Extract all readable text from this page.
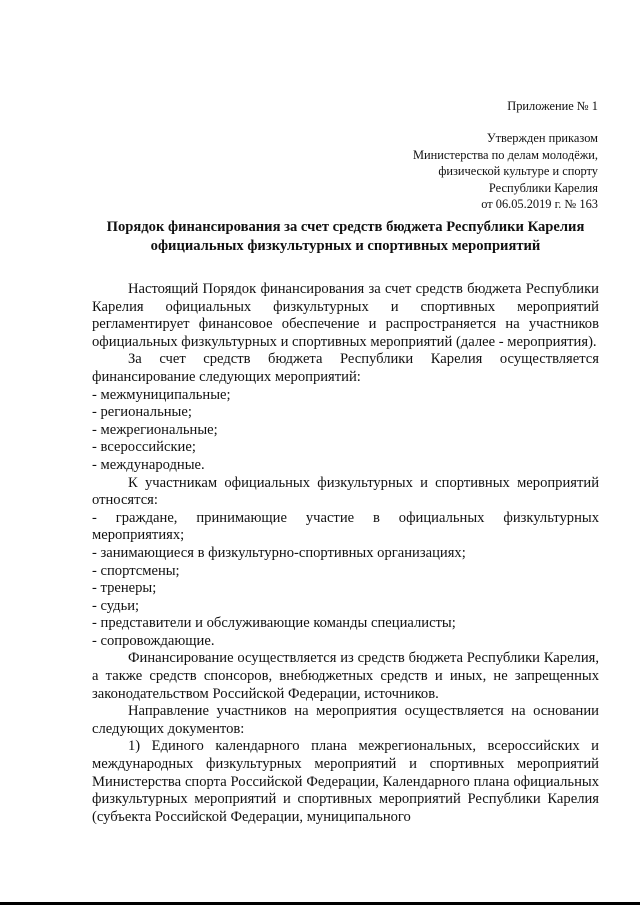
Приложение № 1
Утвержден приказом
Министерства по делам молодёжи,
физической культуре и спорту
Республики Карелия
от 06.05.2019 г. № 163
Порядок финансирования за счет средств бюджета Республики Карелия
официальных физкультурных и спортивных мероприятий

Настоящий Порядок финансирования за счет средств бюджета Республики Карелия официальных физкультурных и спортивных мероприятий регламентирует финансовое обеспечение и распространяется на участников официальных физкультурных и спортивных мероприятий (далее - мероприятия).

За счет средств бюджета Республики Карелия осуществляется финансирование следующих мероприятий:

- межмуниципальные;

- региональные;

- межрегиональные;

- всероссийские;

- международные.

К участникам официальных физкультурных и спортивных мероприятий относятся:

- граждане, принимающие участие в официальных физкультурных мероприятиях;

- занимающиеся в физкультурно-спортивных организациях;

- спортсмены;

- тренеры;

- судьи;

- представители и обслуживающие команды специалисты;

- сопровождающие.

Финансирование осуществляется из средств бюджета Республики Карелия, а также средств спонсоров, внебюджетных средств и иных, не запрещенных законодательством Российской Федерации, источников.

Направление участников на мероприятия осуществляется на основании следующих документов:

1) Единого календарного плана межрегиональных, всероссийских и международных физкультурных мероприятий и спортивных мероприятий Министерства спорта Российской Федерации, Календарного плана официальных физкультурных мероприятий и спортивных мероприятий Республики Карелия (субъекта Российской Федерации, муниципального
